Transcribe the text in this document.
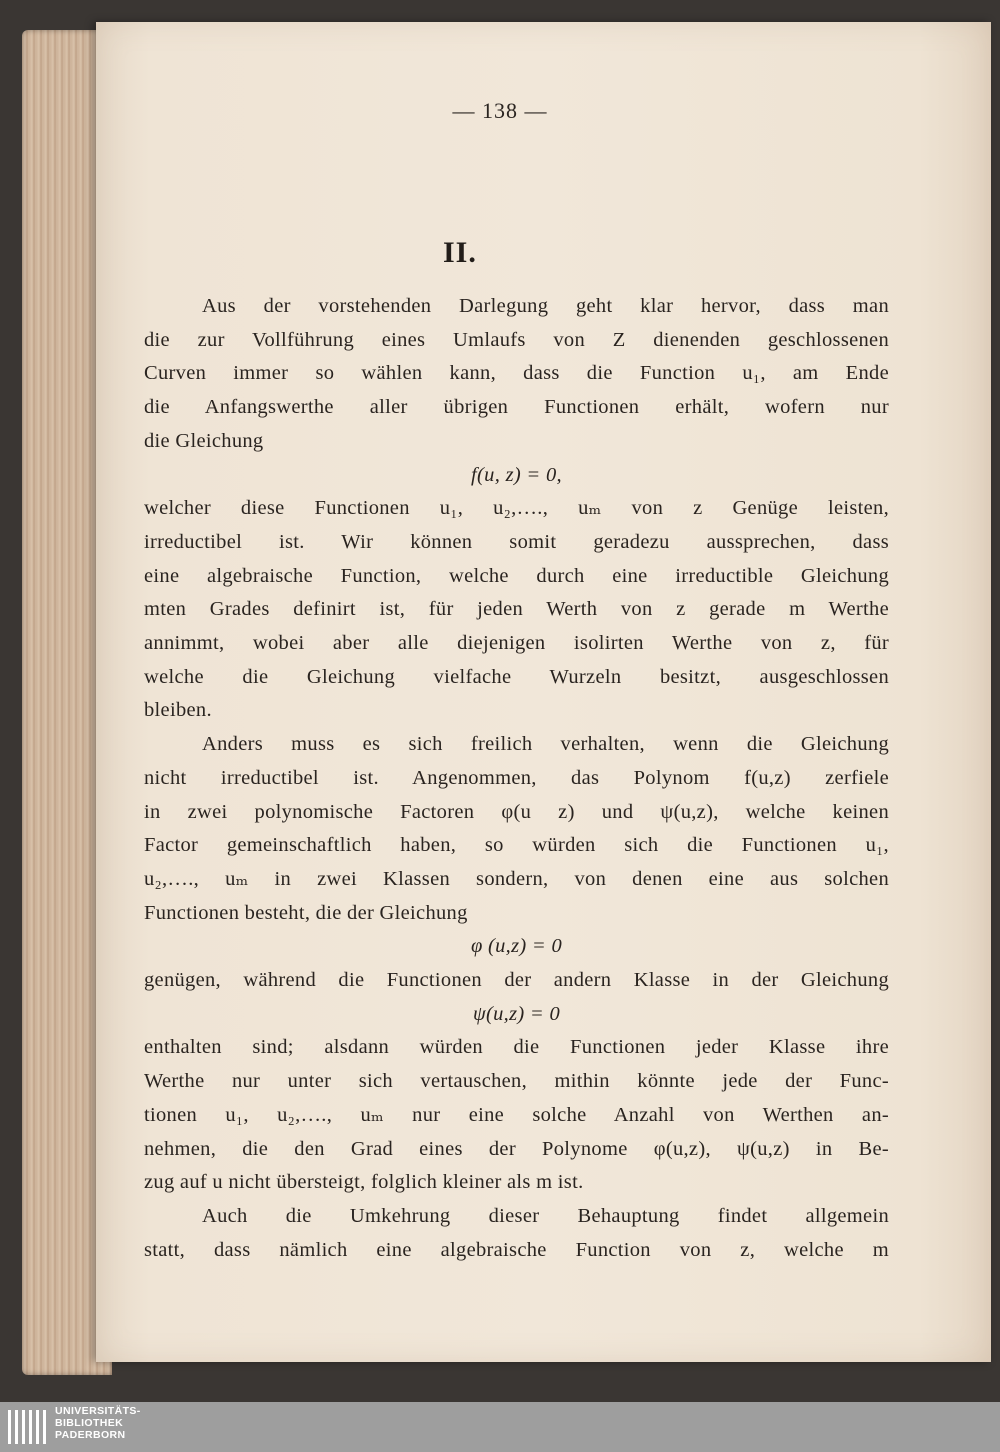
— 138 —
II.
Aus der vorstehenden Darlegung geht klar hervor, dass man
die zur Vollführung eines Umlaufs von Z dienenden geschlossenen
Curven immer so wählen kann, dass die Function u₁, am Ende
die Anfangswerthe aller übrigen Functionen erhält, wofern nur
die Gleichung
f(u, z) = 0,
welcher diese Functionen u₁, u₂,…., uₘ von z Genüge leisten,
irreductibel ist. Wir können somit geradezu aussprechen, dass
eine algebraische Function, welche durch eine irreductible Gleichung
mten Grades definirt ist, für jeden Werth von z gerade m Werthe
annimmt, wobei aber alle diejenigen isolirten Werthe von z, für
welche die Gleichung vielfache Wurzeln besitzt, ausgeschlossen
bleiben.
Anders muss es sich freilich verhalten, wenn die Gleichung
nicht irreductibel ist. Angenommen, das Polynom f(u,z) zerfiele
in zwei polynomische Factoren φ(u z) und ψ(u,z), welche keinen
Factor gemeinschaftlich haben, so würden sich die Functionen u₁,
u₂,…., uₘ in zwei Klassen sondern, von denen eine aus solchen
Functionen besteht, die der Gleichung
φ (u,z) = 0
genügen, während die Functionen der andern Klasse in der Gleichung
ψ(u,z) = 0
enthalten sind; alsdann würden die Functionen jeder Klasse ihre
Werthe nur unter sich vertauschen, mithin könnte jede der Func-
tionen u₁, u₂,…., uₘ nur eine solche Anzahl von Werthen an-
nehmen, die den Grad eines der Polynome φ(u,z), ψ(u,z) in Be-
zug auf u nicht übersteigt, folglich kleiner als m ist.
Auch die Umkehrung dieser Behauptung findet allgemein
statt, dass nämlich eine algebraische Function von z, welche m
UNIVERSITÄTS-
BIBLIOTHEK
PADERBORN
